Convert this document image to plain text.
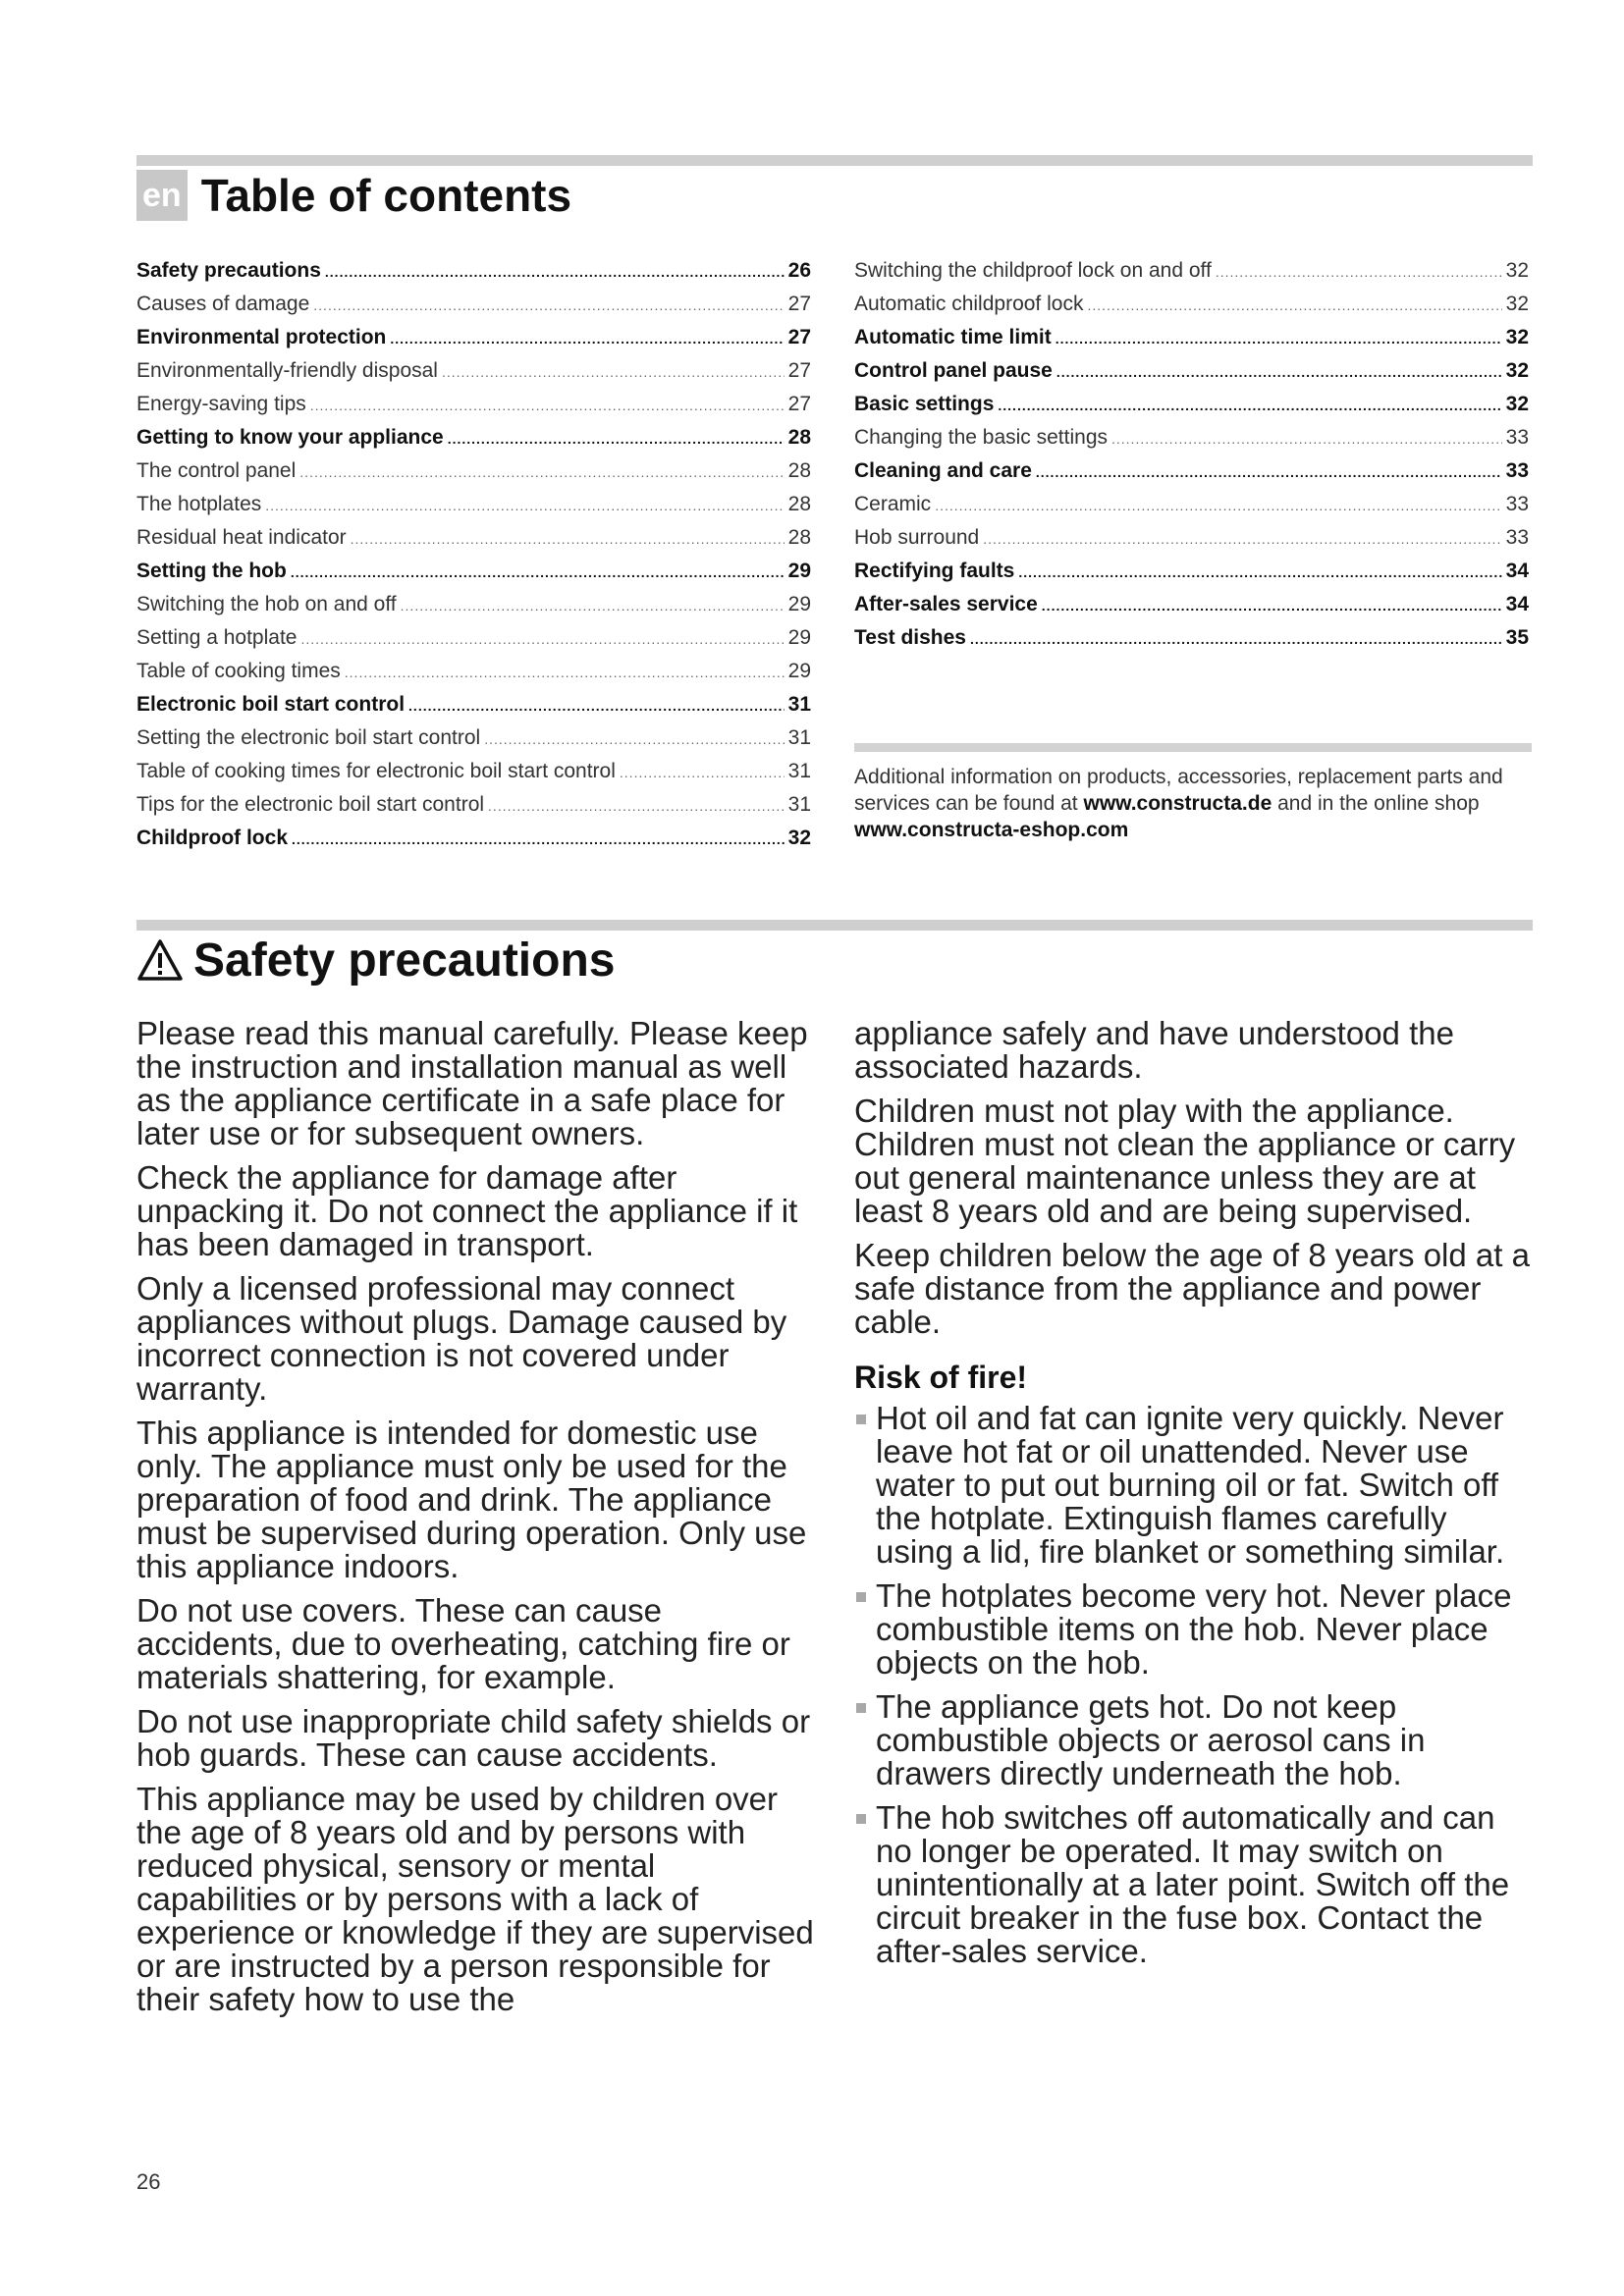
en Table of contents
Safety precautions .....	26
Causes of damage .....	27
Environmental protection .....	27
Environmentally-friendly disposal .....	27
Energy-saving tips .....	27
Getting to know your appliance .....	28
The control panel .....	28
The hotplates .....	28
Residual heat indicator .....	28
Setting the hob .....	29
Switching the hob on and off .....	29
Setting a hotplate .....	29
Table of cooking times .....	29
Electronic boil start control .....	31
Setting the electronic boil start control .....	31
Table of cooking times for electronic boil start control .....	31
Tips for the electronic boil start control .....	31
Childproof lock .....	32
Switching the childproof lock on and off .....	32
Automatic childproof lock .....	32
Automatic time limit .....	32
Control panel pause .....	32
Basic settings .....	32
Changing the basic settings .....	33
Cleaning and care .....	33
Ceramic .....	33
Hob surround .....	33
Rectifying faults .....	34
After-sales service .....	34
Test dishes .....	35
Additional information on products, accessories, replacement parts and services can be found at www.constructa.de and in the online shop www.constructa-eshop.com
Safety precautions

Please read this manual carefully. Please keep the instruction and installation manual as well as the appliance certificate in a safe place for later use or for subsequent owners.

Check the appliance for damage after unpacking it. Do not connect the appliance if it has been damaged in transport.

Only a licensed professional may connect appliances without plugs. Damage caused by incorrect connection is not covered under warranty.

This appliance is intended for domestic use only. The appliance must only be used for the preparation of food and drink. The appliance must be supervised during operation. Only use this appliance indoors.

Do not use covers. These can cause accidents, due to overheating, catching fire or materials shattering, for example.

Do not use inappropriate child safety shields or hob guards. These can cause accidents.

This appliance may be used by children over the age of 8 years old and by persons with reduced physical, sensory or mental capabilities or by persons with a lack of experience or knowledge if they are supervised or are instructed by a person responsible for their safety how to use the

appliance safely and have understood the associated hazards.

Children must not play with the appliance. Children must not clean the appliance or carry out general maintenance unless they are at least 8 years old and are being supervised.

Keep children below the age of 8 years old at a safe distance from the appliance and power cable.

Risk of fire!
Hot oil and fat can ignite very quickly. Never leave hot fat or oil unattended. Never use water to put out burning oil or fat. Switch off the hotplate. Extinguish flames carefully using a lid, fire blanket or something similar.
The hotplates become very hot. Never place combustible items on the hob. Never place objects on the hob.
The appliance gets hot. Do not keep combustible objects or aerosol cans in drawers directly underneath the hob.
The hob switches off automatically and can no longer be operated. It may switch on unintentionally at a later point. Switch off the circuit breaker in the fuse box. Contact the after-sales service.
26
